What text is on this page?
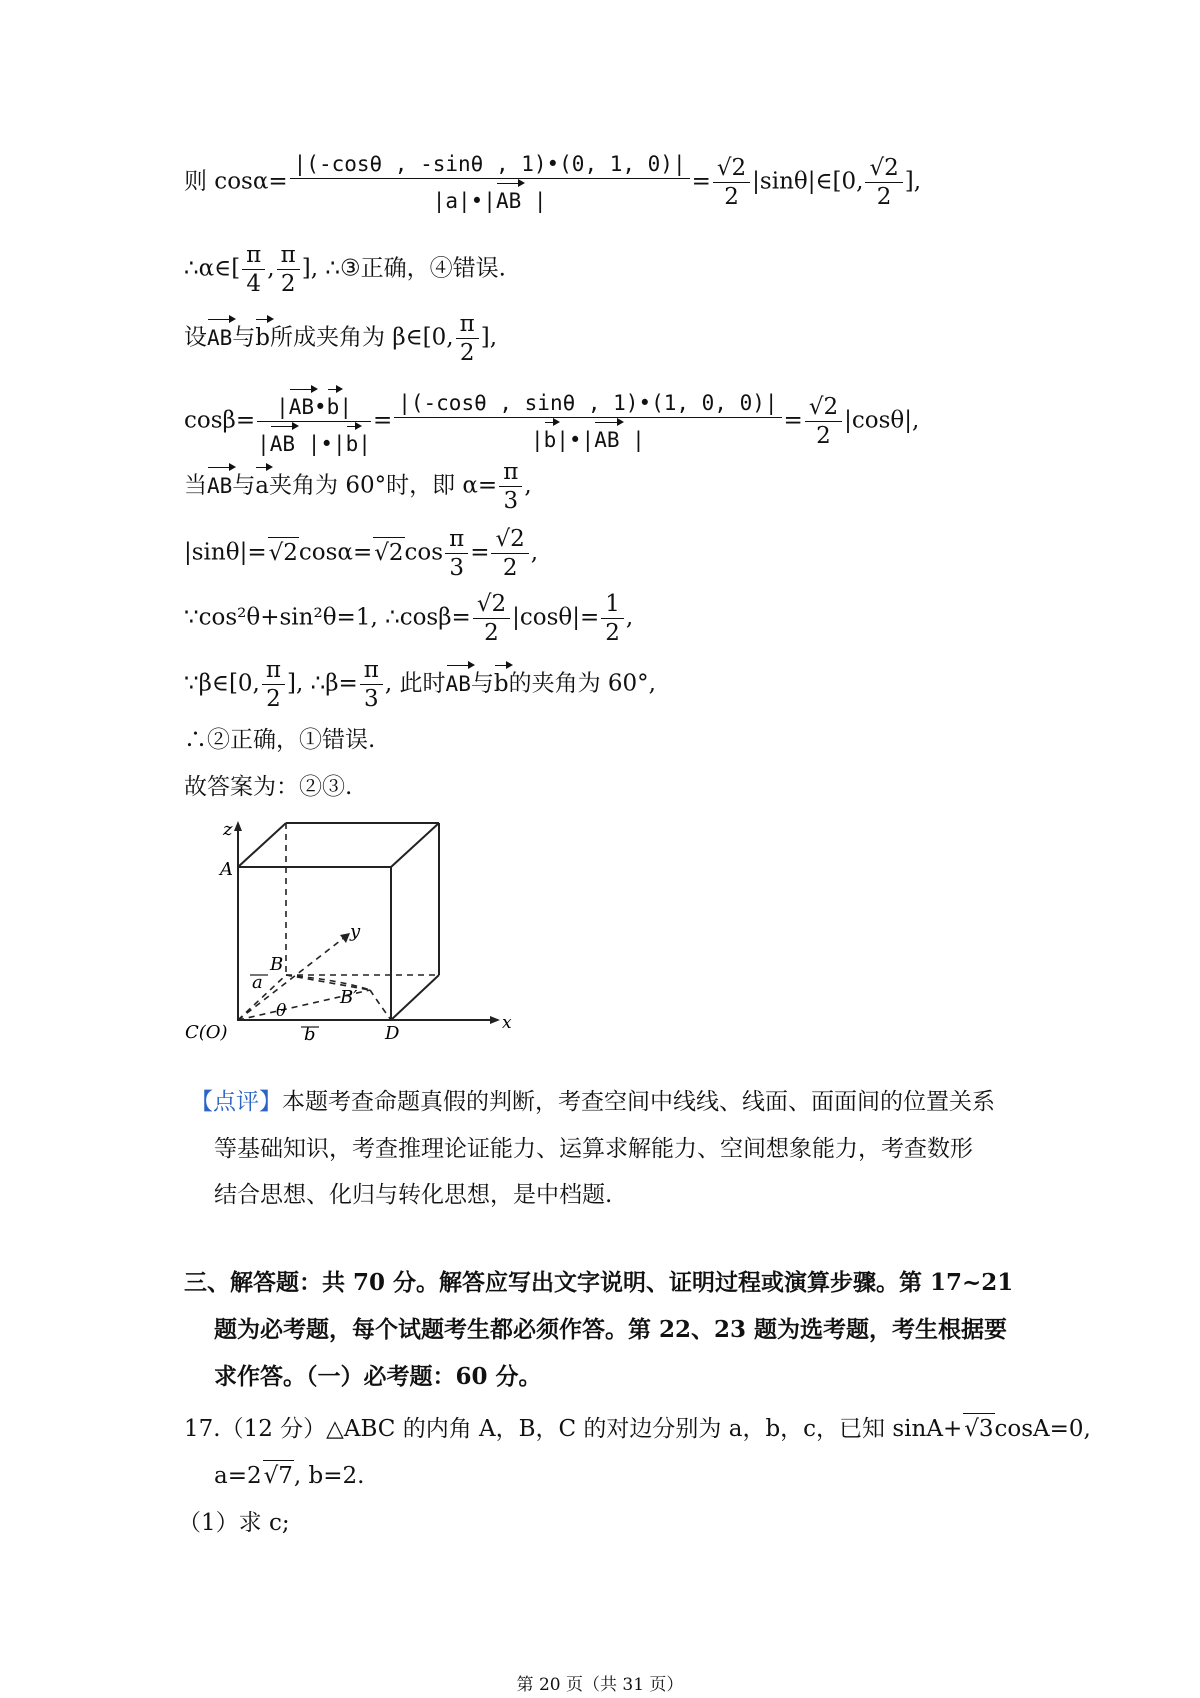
则 $\cos\alpha= \frac{|(-\cos\theta , -\sin\theta , 1)•(0, 1, 0)|}{|a|•|AB |} = \frac{√2}{2}$ |sinθ|∈[0, $\frac{√2}{2}$ ],
∴α∈[ $\frac{\pi}{4}$ , $\frac{\pi}{2}$ ], ∴③正确，④错误.
设AB与b所成夹角为 β∈[0, $\frac{\pi}{2}$ ],
$\cos\beta= \frac{|AB•b|}{|AB |•|b|} = \frac{|(-\cos\theta , \sin\theta , 1)•(1, 0, 0)|}{|b|•|AB |} = \frac{√2}{2} |\cos\theta|$,
当AB与a夹角为 60°时，即 $\alpha= \frac{\pi}{3}$ ,
$|\sin\theta|=√2\cos\alpha=√2\cos \frac{\pi}{3} = \frac{√2}{2}$ ,
∵cos²θ+sin²θ=1, ∴cosβ= $\frac{√2}{2} |\cos\theta|= \frac{1}{2}$ ,
∵β∈[0, $\frac{\pi}{2}$ ], ∴β= $\frac{\pi}{3}$ , 此时AB与b的夹角为 60°,
∴②正确，①错误.
故答案为：②③.
z
A
y
B
a
θ
B′
C(O)	b	D	x
【点评】本题考查命题真假的判断，考查空间中线线、线面、面面间的位置关系
等基础知识，考查推理论证能力、运算求解能力、空间想象能力，考查数形
结合思想、化归与转化思想，是中档题.
三、解答题：共 70 分。解答应写出文字说明、证明过程或演算步骤。第 17~21
题为必考题，每个试题考生都必须作答。第 22、23 题为选考题，考生根据要
求作答。（一）必考题：60 分。
17.（12 分）△ABC 的内角 A，B，C 的对边分别为 a，b，c，已知 sinA+√3cosA=0,
a=2√7, b=2.
（1）求 c;
第 20 页（共 31 页）
